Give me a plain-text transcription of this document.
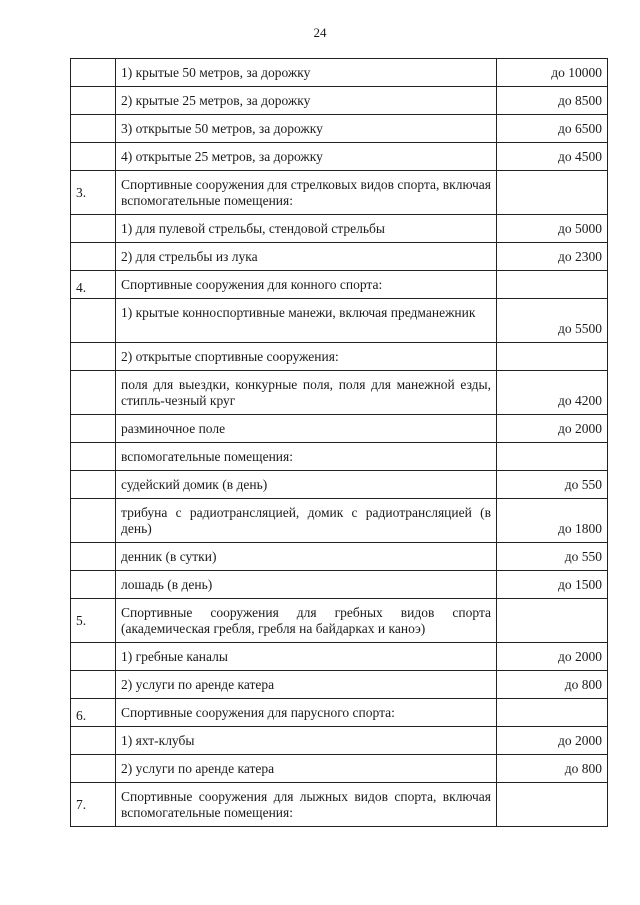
24
	1) крытые 50 метров, за дорожку	до 10000
	2) крытые 25 метров, за дорожку	до 8500
	3) открытые 50 метров, за дорожку	до 6500
	4) открытые 25 метров, за дорожку	до 4500
3.	Спортивные сооружения для стрелковых видов спорта, включая вспомогательные помещения:	
	1) для пулевой стрельбы, стендовой стрельбы	до 5000
	2) для стрельбы из лука	до 2300
4.	Спортивные сооружения для конного спорта:	
	1) крытые конноспортивные манежи, включая предманежник	до 5500
	2) открытые спортивные сооружения:	
	поля для выездки, конкурные поля, поля для манежной езды, стипль-чезный круг	до 4200
	разминочное поле	до 2000
	вспомогательные помещения:	
	судейский домик (в день)	до 550
	трибуна с радиотрансляцией, домик с радиотрансляцией (в день)	до 1800
	денник (в сутки)	до 550
	лошадь (в день)	до 1500
5.	Спортивные сооружения для гребных видов спорта (академическая гребля, гребля на байдарках и каноэ)	
	1) гребные каналы	до 2000
	2) услуги по аренде катера	до 800
6.	Спортивные сооружения для парусного спорта:	
	1) яхт-клубы	до 2000
	2) услуги по аренде катера	до 800
7.	Спортивные сооружения для лыжных видов спорта, включая вспомогательные помещения:	
